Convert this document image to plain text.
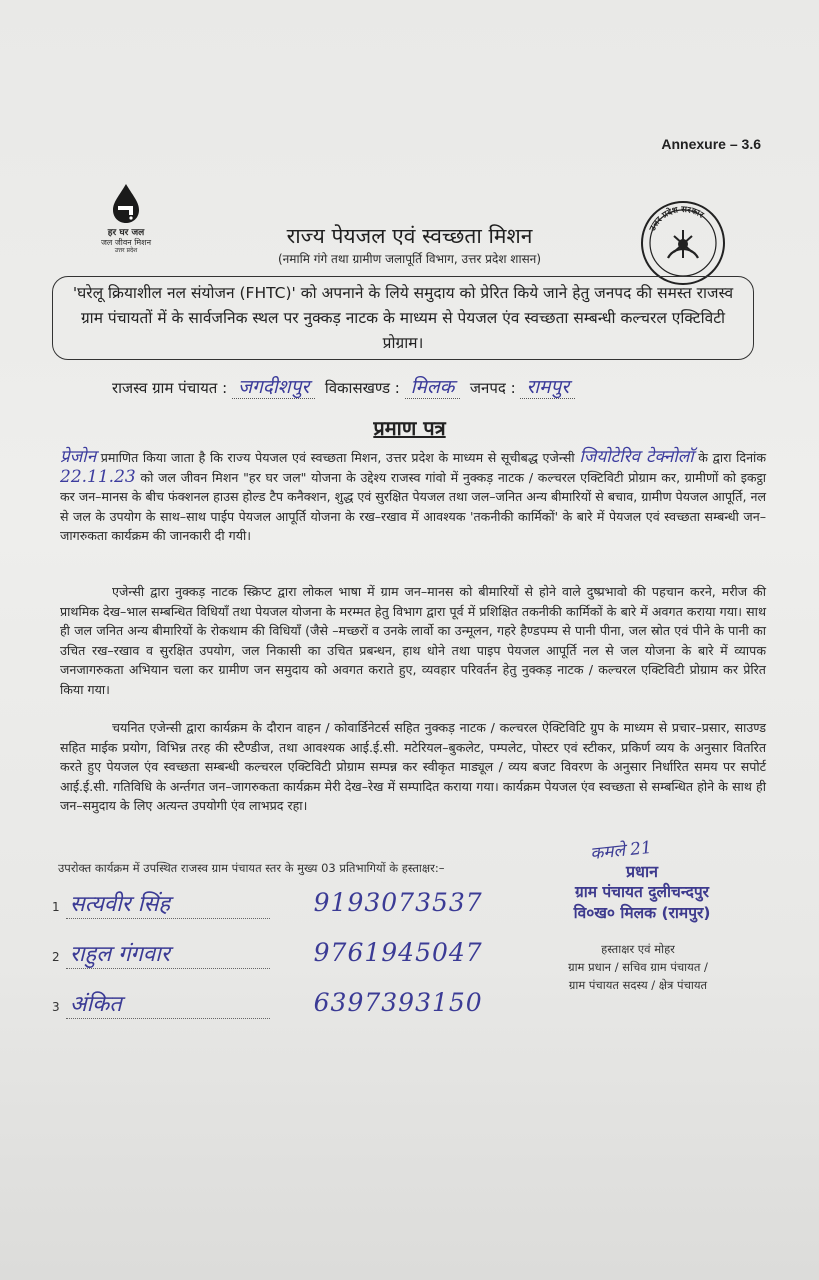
Annexure – 3.6
हर घर जल
जल जीवन मिशन
उत्तर प्रदेश
उत्तर प्रदेश सरकार
राज्य पेयजल एवं स्वच्छता मिशन
(नमामि गंगे तथा ग्रामीण जलापूर्ति विभाग, उत्तर प्रदेश शासन)
'घरेलू क्रियाशील नल संयोजन (FHTC)' को अपनाने के लिये समुदाय को प्रेरित किये जाने हेतु जनपद की समस्त राजस्व ग्राम पंचायतों में के सार्वजनिक स्थल पर नुक्कड़ नाटक के माध्यम से पेयजल एंव स्वच्छता सम्बन्धी कल्चरल एक्टिविटी प्रोग्राम।
राजस्व ग्राम पंचायत : जगदीशपुर विकासखण्ड : मिलक जनपद : रामपुर
प्रमाण पत्र
प्रेजोन प्रमाणित किया जाता है कि राज्य पेयजल एवं स्वच्छता मिशन, उत्तर प्रदेश के माध्यम से सूचीबद्ध एजेन्सी जियोटेरिव टेक्नोलॉ के द्वारा दिनांक 22.11.23 को जल जीवन मिशन "हर घर जल" योजना के उद्देश्य राजस्व गांवो में नुक्कड़ नाटक / कल्चरल एक्टिविटी प्रोग्राम कर, ग्रामीणों को इकट्ठा कर जन–मानस के बीच फंक्शनल हाउस होल्ड टैप कनैक्शन, शुद्ध एवं सुरक्षित पेयजल तथा जल–जनित अन्य बीमारियों से बचाव, ग्रामीण पेयजल आपूर्ति, नल से जल के उपयोग के साथ–साथ पाईप पेयजल आपूर्ति योजना के रख–रखाव में आवश्यक 'तकनीकी कार्मिकों' के बारे में पेयजल एवं स्वच्छता सम्बन्धी जन–जागरुकता कार्यक्रम की जानकारी दी गयी।
एजेन्सी द्वारा नुक्कड़ नाटक स्क्रिप्ट द्वारा लोकल भाषा में ग्राम जन–मानस को बीमारियों से होने वाले दुष्प्रभावो की पहचान करने, मरीज की प्राथमिक देख–भाल सम्बन्धित विधियाँ तथा पेयजल योजना के मरम्मत हेतु विभाग द्वारा पूर्व में प्रशिक्षित तकनीकी कार्मिकों के बारे में अवगत कराया गया। साथ ही जल जनित अन्य बीमारियों के रोकथाम की विधियाँ (जैसे –मच्छरों व उनके लार्वो का उन्मूलन, गहरे हैण्डपम्प से पानी पीना, जल स्रोत एवं पीने के पानी का उचित रख–रखाव व सुरक्षित उपयोग, जल निकासी का उचित प्रबन्धन, हाथ धोने तथा पाइप पेयजल आपूर्ति नल से जल योजना के बारे में व्यापक जनजागरुकता अभियान चला कर ग्रामीण जन समुदाय को अवगत कराते हुए, व्यवहार परिवर्तन हेतु नुक्कड़ नाटक / कल्चरल एक्टिविटी प्रोग्राम कर प्रेरित किया गया।
चयनित एजेन्सी द्वारा कार्यक्रम के दौरान वाहन / कोवार्डिनेटर्स सहित नुक्कड़ नाटक / कल्चरल ऐक्टिविटि ग्रुप के माध्यम से प्रचार–प्रसार, साउण्ड सहित माईक प्रयोग, विभिन्न तरह की स्टैण्डीज, तथा आवश्यक आई.ई.सी. मटेरियल–बुकलेट, पम्पलेट, पोस्टर एवं स्टीकर, प्रकिर्ण व्यय के अनुसार वितरित करते हुए पेयजल एंव स्वच्छता सम्बन्धी कल्चरल एक्टिविटी प्रोग्राम सम्पन्न कर स्वीकृत माड्यूल / व्यय बजट विवरण के अनुसार निर्धारित समय पर सपोर्ट आई.ई.सी. गतिविधि के अर्न्तगत जन–जागरुकता कार्यक्रम मेरी देख–रेख में सम्पादित कराया गया। कार्यक्रम पेयजल एंव स्वच्छता से सम्बन्धित होने के साथ ही जन–समुदाय के लिए अत्यन्त उपयोगी एंव लाभप्रद रहा।
उपरोक्त कार्यक्रम में उपस्थित राजस्व ग्राम पंचायत स्तर के मुख्य 03 प्रतिभागियों के हस्ताक्षर:–
1 सत्यवीर सिंह	9193073537
2 राहुल गंगवार	9761945047
3 अंकित	6397393150
कमले 21
प्रधान
ग्राम पंचायत दुलीचन्दपुर
वि०ख० मिलक (रामपुर)
हस्ताक्षर एवं मोहर
ग्राम प्रधान / सचिव ग्राम पंचायत /
ग्राम पंचायत सदस्य / क्षेत्र पंचायत
